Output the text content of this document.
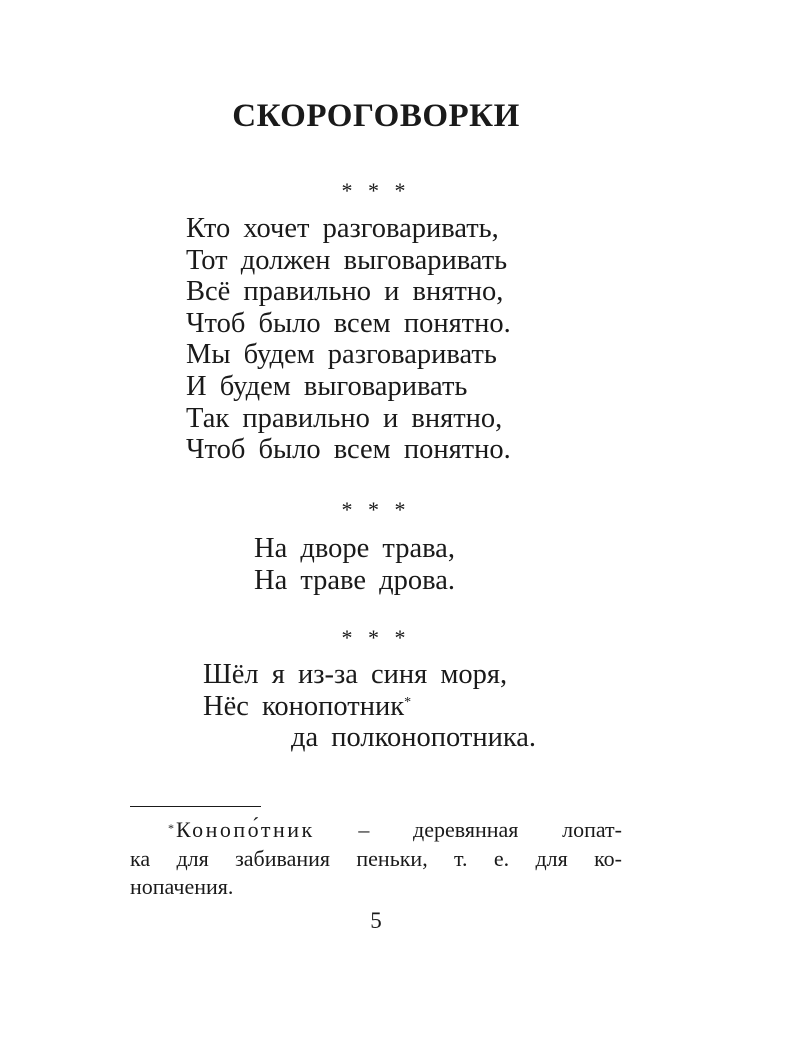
СКОРОГОВОРКИ
* * *
Кто хочет разговаривать,
Тот должен выговаривать
Всё правильно и внятно,
Чтоб было всем понятно.
Мы будем разговаривать
И будем выговаривать
Так правильно и внятно,
Чтоб было всем понятно.
* * *
На дворе трава,
На траве дрова.
* * *
Шёл я из-за синя моря,
Нёс конопотник*
да полконопотника.
*Конопо́тник – деревянная лопат-
ка для забивания пеньки, т. е. для ко-
нопачения.
5
